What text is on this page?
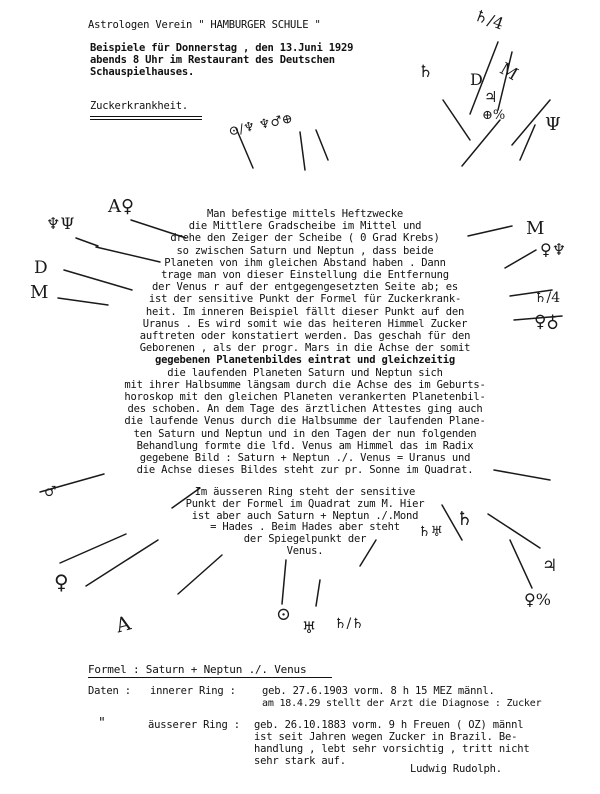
Astrologen Verein " HAMBURGER SCHULE "
Beispiele für Donnerstag , den 13.Juni 1929
abends 8 Uhr im Restaurant des Deutschen
Schauspielhauses.
Zuckerkrankheit.
♄/4
M
D
♃
♄
⊕% Ψ
⊙/♆ ♆♂⊕
♆Ψ
A♀
D
M
M
♀♆
♄/4
♀♁
♂
♀
A	⊙
♅ ♄/♄
♄♅
♄
♃
♀%
Man befestige mittels Heftzwecke
die Mittlere Gradscheibe im Mittel und
drehe den Zeiger der Scheibe ( 0 Grad Krebs)
so zwischen Saturn und Neptun , dass beide
Planeten von ihm gleichen Abstand haben . Dann
trage man von dieser Einstellung die Entfernung
der Venus r auf der entgegengesetzten Seite ab; es
ist der sensitive Punkt der Formel für Zuckerkrank-
heit. Im inneren Beispiel fällt dieser Punkt auf den
Uranus . Es wird somit wie das heiteren Himmel Zucker
auftreten oder konstatiert werden. Das geschah für den
Geborenen , als der progr. Mars in die Achse der somit
gegebenen Planetenbildes eintrat und gleichzeitig
die laufenden Planeten Saturn und Neptun sich
mit ihrer Halbsumme längsam durch die Achse des im Geburts-
horoskop mit den gleichen Planeten verankerten Planetenbil-
des schoben. An dem Tage des ärztlichen Attestes ging auch
die laufende Venus durch die Halbsumme der laufenden Plane-
ten Saturn und Neptun und in den Tagen der nun folgenden
Behandlung formte die lfd. Venus am Himmel das im Radix
gegebene Bild : Saturn + Neptun ./. Venus = Uranus und
die Achse dieses Bildes steht zur pr. Sonne im Quadrat.
Im äusseren Ring steht der sensitive
Punkt der Formel im Quadrat zum M. Hier
ist aber auch Saturn + Neptun ./.Mond
= Hades . Beim Hades aber steht
der Spiegelpunkt der
Venus.
Formel : Saturn + Neptun ./. Venus
Daten : innerer Ring :	geb. 27.6.1903 vorm. 8 h 15 MEZ männl.
am 18.4.29 stellt der Arzt die Diagnose : Zucker
"	äusserer Ring : geb. 26.10.1883 vorm. 9 h Freuen ( OZ) männl
ist seit Jahren wegen Zucker in Brazil. Be-
handlung , lebt sehr vorsichtig , tritt nicht
sehr stark auf.
Ludwig Rudolph.
